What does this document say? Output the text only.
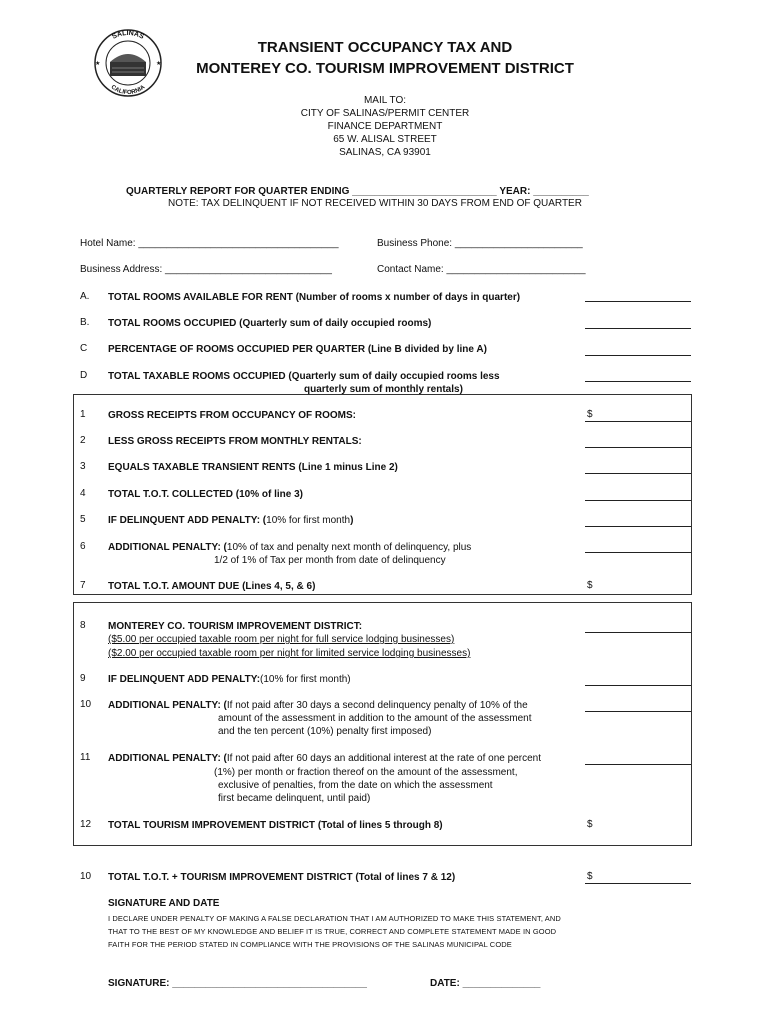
SALINAS
CALIFORNIA
★	★
TRANSIENT OCCUPANCY TAX AND
MONTEREY CO. TOURISM IMPROVEMENT DISTRICT
MAIL TO:
CITY OF SALINAS/PERMIT CENTER
FINANCE DEPARTMENT
65 W. ALISAL STREET
SALINAS, CA 93901
QUARTERLY REPORT FOR QUARTER ENDING __________________________ YEAR: __________
NOTE: TAX DELINQUENT IF NOT RECEIVED WITHIN 30 DAYS FROM END OF QUARTER
Hotel Name: ____________________________________	Business Phone: _______________________
Business Address: ______________________________	Contact Name: _________________________
A. TOTAL ROOMS AVAILABLE FOR RENT (Number of rooms x number of days in quarter)
B. TOTAL ROOMS OCCUPIED (Quarterly sum of daily occupied rooms)
C PERCENTAGE OF ROOMS OCCUPIED PER QUARTER (Line B divided by line A)
D TOTAL TAXABLE ROOMS OCCUPIED (Quarterly sum of daily occupied rooms less
quarterly sum of monthly rentals)
1 GROSS RECEIPTS FROM OCCUPANCY OF ROOMS:	$
2 LESS GROSS RECEIPTS FROM MONTHLY RENTALS:
3 EQUALS TAXABLE TRANSIENT RENTS (Line 1 minus Line 2)
4 TOTAL T.O.T. COLLECTED (10% of line 3)
5 IF DELINQUENT ADD PENALTY: (10% for first month)
6 ADDITIONAL PENALTY: (10% of tax and penalty next month of delinquency, plus
1/2 of 1% of Tax per month from date of delinquency
7 TOTAL T.O.T. AMOUNT DUE (Lines 4, 5, & 6)	$
8 MONTEREY CO. TOURISM IMPROVEMENT DISTRICT:
($5.00 per occupied taxable room per night for full service lodging businesses)
($2.00 per occupied taxable room per night for limited service lodging businesses)
9 IF DELINQUENT ADD PENALTY:(10% for first month)
10 ADDITIONAL PENALTY: (If not paid after 30 days a second delinquency penalty of 10% of the
amount of the assessment in addition to the amount of the assessment
and the ten percent (10%) penalty first imposed)
11 ADDITIONAL PENALTY: (If not paid after 60 days an additional interest at the rate of one percent
(1%) per month or fraction thereof on the amount of the assessment,
exclusive of penalties, from the date on which the assessment
first became delinquent, until paid)
12 TOTAL TOURISM IMPROVEMENT DISTRICT (Total of lines 5 through 8)	$
10 TOTAL T.O.T. + TOURISM IMPROVEMENT DISTRICT (Total of lines 7 & 12)	$
SIGNATURE AND DATE
I DECLARE UNDER PENALTY OF MAKING A FALSE DECLARATION THAT I AM AUTHORIZED TO MAKE THIS STATEMENT, AND
THAT TO THE BEST OF MY KNOWLEDGE AND BELIEF IT IS TRUE, CORRECT AND COMPLETE STATEMENT MADE IN GOOD
FAITH FOR THE PERIOD STATED IN COMPLIANCE WITH THE PROVISIONS OF THE SALINAS MUNICIPAL CODE
SIGNATURE: ___________________________________	DATE: ______________
